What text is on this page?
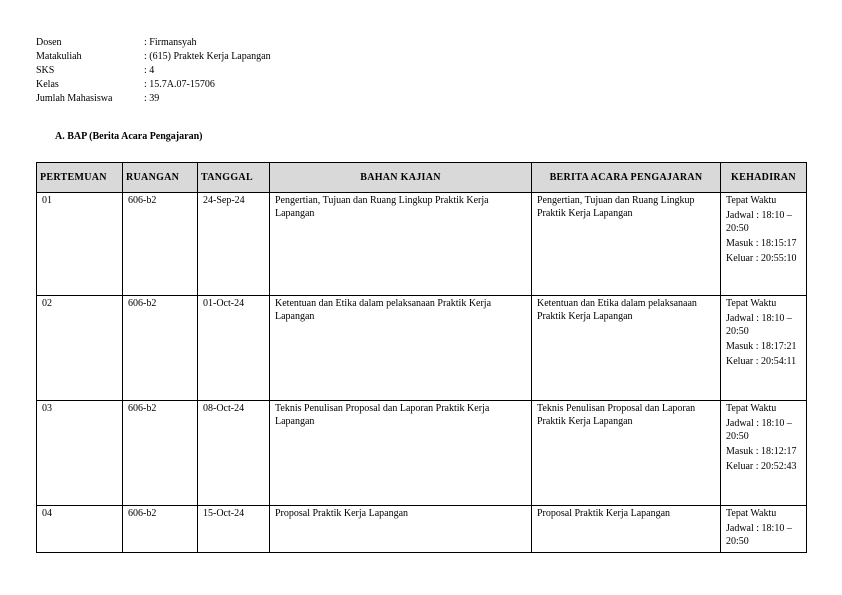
Dosen	: Firmansyah
Matakuliah	: (615) Praktek Kerja Lapangan
SKS	: 4
Kelas	: 15.7A.07-15706
Jumlah Mahasiswa	: 39
A. BAP (Berita Acara Pengajaran)
PERTEMUAN	RUANGAN	TANGGAL	BAHAN KAJIAN	BERITA ACARA PENGAJARAN	KEHADIRAN
01	606-b2	24-Sep-24	Pengertian, Tujuan dan Ruang Lingkup Praktik Kerja Lapangan	Pengertian, Tujuan dan Ruang Lingkup Praktik Kerja Lapangan	Tepat Waktu
Jadwal : 18:10 – 20:50
Masuk : 18:15:17
Keluar : 20:55:10

02	606-b2	01-Oct-24	Ketentuan dan Etika dalam pelaksanaan Praktik Kerja Lapangan	Ketentuan dan Etika dalam pelaksanaan Praktik Kerja Lapangan	Tepat Waktu
Jadwal : 18:10 – 20:50
Masuk : 18:17:21
Keluar : 20:54:11

03	606-b2	08-Oct-24	Teknis Penulisan Proposal dan Laporan Praktik Kerja Lapangan	Teknis Penulisan Proposal dan Laporan Praktik Kerja Lapangan	Tepat Waktu
Jadwal : 18:10 – 20:50
Masuk : 18:12:17
Keluar : 20:52:43

04	606-b2	15-Oct-24	Proposal Praktik Kerja Lapangan	Proposal Praktik Kerja Lapangan	Tepat Waktu
Jadwal : 18:10 – 20:50
